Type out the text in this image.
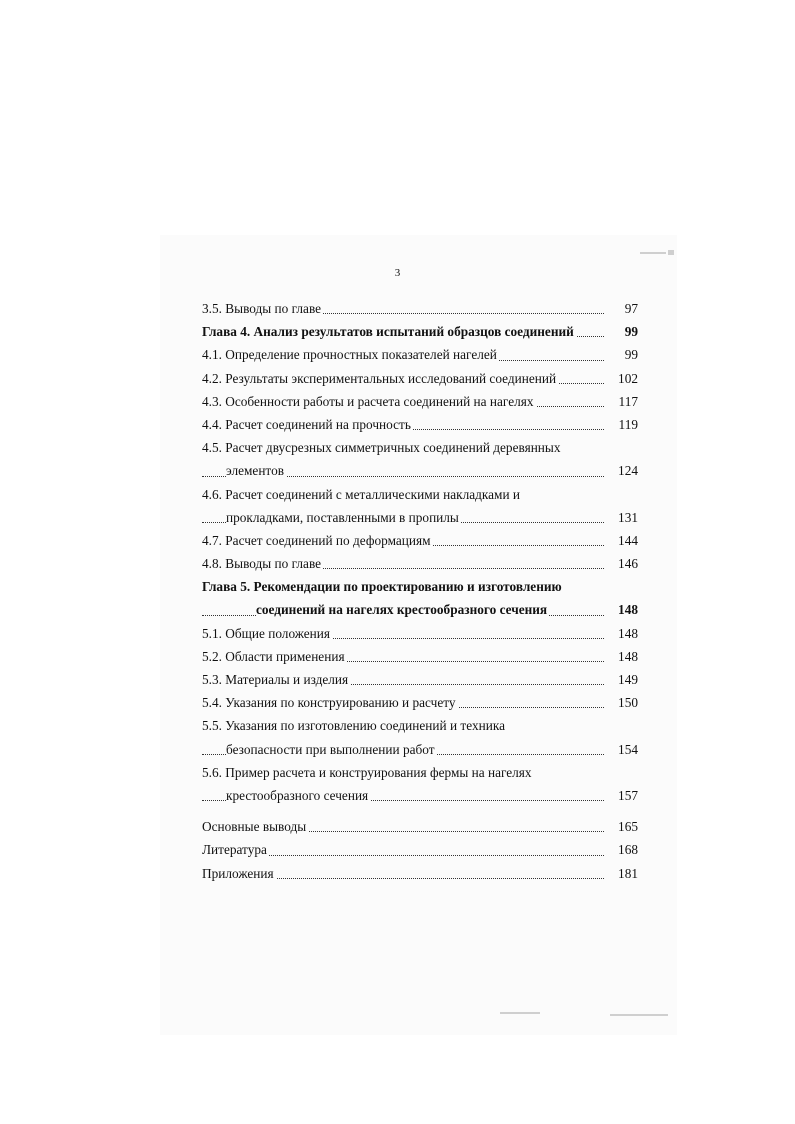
3
3.5. Выводы по главе	97
Глава 4. Анализ результатов испытаний образцов соединений	99
4.1. Определение прочностных показателей нагелей	99
4.2. Результаты экспериментальных исследований соединений	102
4.3. Особенности работы и расчета соединений на нагелях	117
4.4. Расчет соединений на прочность	119
4.5. Расчет двусрезных симметричных соединений деревянных
элементов	124
4.6. Расчет соединений с металлическими накладками и
прокладками, поставленными в пропилы	131
4.7. Расчет соединений по деформациям	144
4.8. Выводы по главе	146
Глава 5. Рекомендации по проектированию и изготовлению
соединений на нагелях крестообразного сечения	148
5.1. Общие положения	148
5.2. Области применения	148
5.3. Материалы и изделия	149
5.4. Указания по конструированию и расчету	150
5.5. Указания по изготовлению соединений и техника
безопасности при выполнении работ	154
5.6. Пример расчета и конструирования фермы на нагелях
крестообразного сечения	157
Основные выводы	165
Литература	168
Приложения	181
